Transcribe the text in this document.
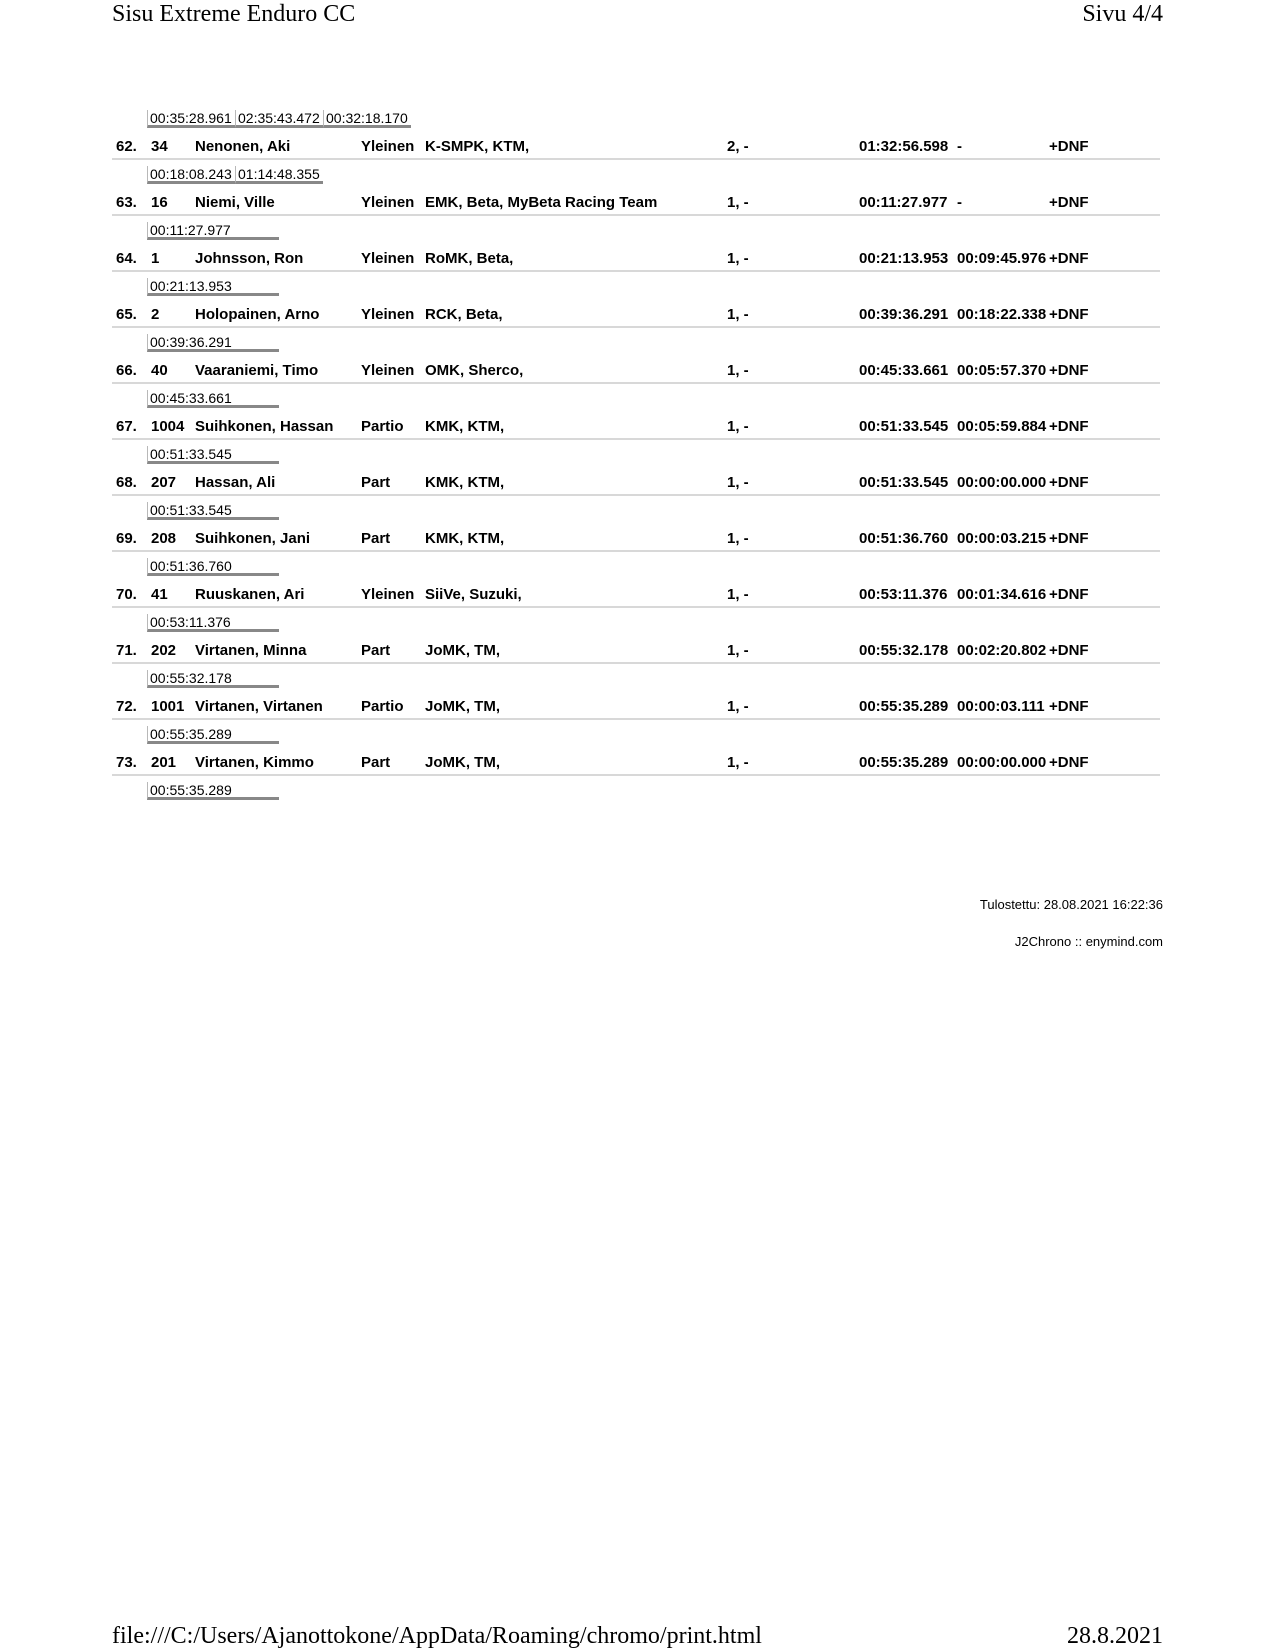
Sisu Extreme Enduro CC	Sivu 4/4
00:35:28.961 02:35:43.472 00:32:18.170
62. 34 Nenonen, Aki	Yleinen K-SMPK, KTM,	2, -	01:32:56.598 -	+DNF
00:18:08.243 01:14:48.355
63. 16 Niemi, Ville	Yleinen EMK, Beta, MyBeta Racing Team	1, -	00:11:27.977 -	+DNF
00:11:27.977
64. 1 Johnsson, Ron	Yleinen RoMK, Beta,	1, -	00:21:13.953 00:09:45.976 +DNF
00:21:13.953
65. 2 Holopainen, Arno	Yleinen RCK, Beta,	1, -	00:39:36.291 00:18:22.338 +DNF
00:39:36.291
66. 40 Vaaraniemi, Timo	Yleinen OMK, Sherco,	1, -	00:45:33.661 00:05:57.370 +DNF
00:45:33.661
67. 1004 Suihkonen, Hassan Partio KMK, KTM,	1, -	00:51:33.545 00:05:59.884 +DNF
00:51:33.545
68. 207 Hassan, Ali	Part KMK, KTM,	1, -	00:51:33.545 00:00:00.000 +DNF
00:51:33.545
69. 208 Suihkonen, Jani	Part KMK, KTM,	1, -	00:51:36.760 00:00:03.215 +DNF
00:51:36.760
70. 41 Ruuskanen, Ari	Yleinen SiiVe, Suzuki,	1, -	00:53:11.376 00:01:34.616 +DNF
00:53:11.376
71. 202 Virtanen, Minna	Part JoMK, TM,	1, -	00:55:32.178 00:02:20.802 +DNF
00:55:32.178
72. 1001 Virtanen, Virtanen	Partio JoMK, TM,	1, -	00:55:35.289 00:00:03.111 +DNF
00:55:35.289
73. 201 Virtanen, Kimmo	Part JoMK, TM,	1, -	00:55:35.289 00:00:00.000 +DNF
00:55:35.289
Tulostettu: 28.08.2021 16:22:36
J2Chrono :: enymind.com
file:///C:/Users/Ajanottokone/AppData/Roaming/chromo/print.html	28.8.2021
